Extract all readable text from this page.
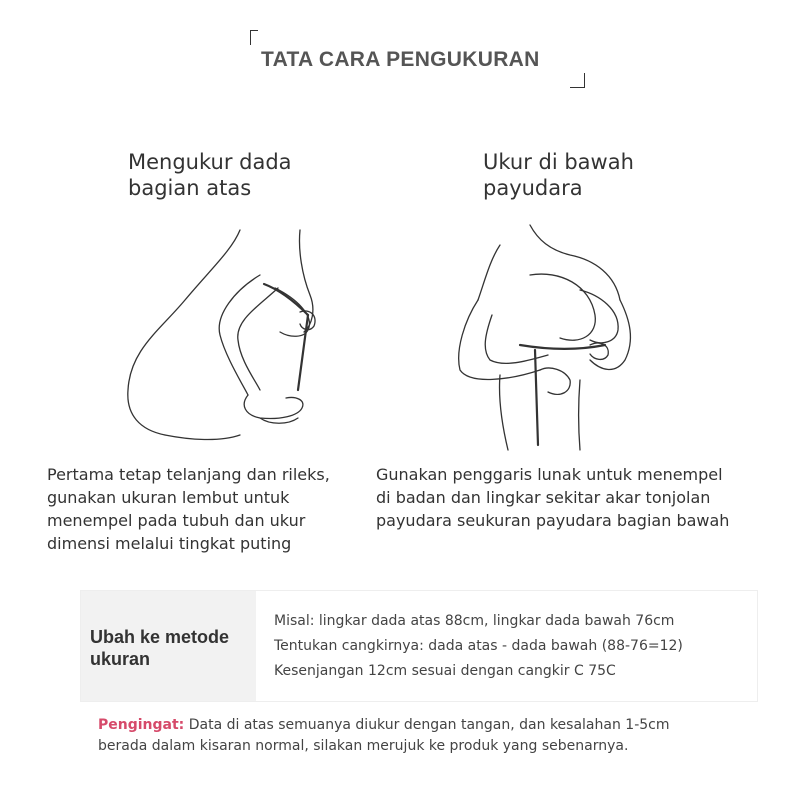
TATA CARA PENGUKURAN
Mengukur dada
bagian atas
Pertama tetap telanjang dan rileks,
gunakan ukuran lembut untuk
menempel pada tubuh dan ukur
dimensi melalui tingkat puting
Ukur di bawah
payudara
Gunakan penggaris lunak untuk menempel
di badan dan lingkar sekitar akar tonjolan
payudara seukuran payudara bagian bawah
Ubah ke metode
ukuran
Misal: lingkar dada atas 88cm, lingkar dada bawah 76cm
Tentukan cangkirnya: dada atas - dada bawah (88-76=12)
Kesenjangan 12cm sesuai dengan cangkir C 75C
Pengingat: Data di atas semuanya diukur dengan tangan, dan kesalahan 1-5cm
berada dalam kisaran normal, silakan merujuk ke produk yang sebenarnya.
